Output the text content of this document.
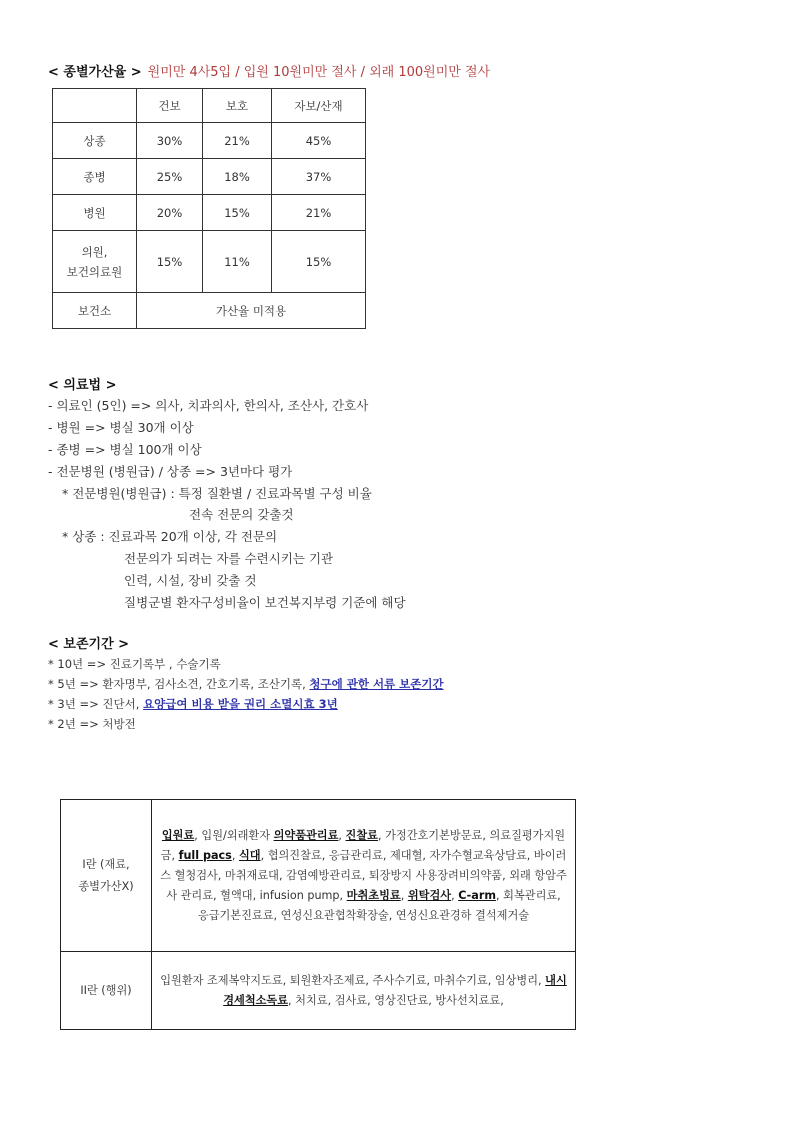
< 종별가산율 > 원미만 4사5입 / 입원 10원미만 절사 / 외래 100원미만 절사
	건보	보호	자보/산재
상종	30%	21%	45%
종병	25%	18%	37%
병원	20%	15%	21%
의원,
보건의료원	15%	11%	15%
보건소	가산율 미적용		
< 의료법 >
- 의료인 (5인) => 의사, 치과의사, 한의사, 조산사, 간호사
- 병원 => 병실 30개 이상
- 종병 => 병실 100개 이상
- 전문병원 (병원급) / 상종 => 3년마다 평가
* 전문병원(병원급) : 특정 질환별 / 진료과목별 구성 비율
전속 전문의 갖출것
* 상종 : 진료과목 20개 이상, 각 전문의
전문의가 되려는 자를 수련시키는 기관
인력, 시설, 장비 갖출 것
질병군별 환자구성비율이 보건복지부령 기준에 해당
< 보존기간 >
* 10년 => 진료기록부 , 수술기록
* 5년 => 환자명부, 검사소견, 간호기록, 조산기록, 청구에 관한 서류 보존기간
* 3년 => 진단서, 요양급여 비용 받을 권리 소멸시효 3년
* 2년 => 처방전
I란 (재료,
종별가산X)	입원료, 입원/외래환자 의약품관리료, 진찰료, 가정간호기본방문료, 의료질평가지원금, full pacs, 식대, 협의진찰료, 응급관리료, 제대혈, 자가수혈교육상담료, 바이러스 혈청검사, 마취재료대, 감염예방관리료, 퇴장방지 사용장려비의약품, 외래 항암주사 관리료, 혈액대, infusion pump, 마취초빙료, 위탁검사, C-arm, 회복관리료, 응급기본진료료, 연성신요관협착확장술, 연성신요관경하 결석제거술
II란 (행위)	입원환자 조제복약지도료, 퇴원환자조제료, 주사수기료, 마취수기료, 임상병리, 내시경세척소독료, 처치료, 검사료, 영상진단료, 방사선치료료,
